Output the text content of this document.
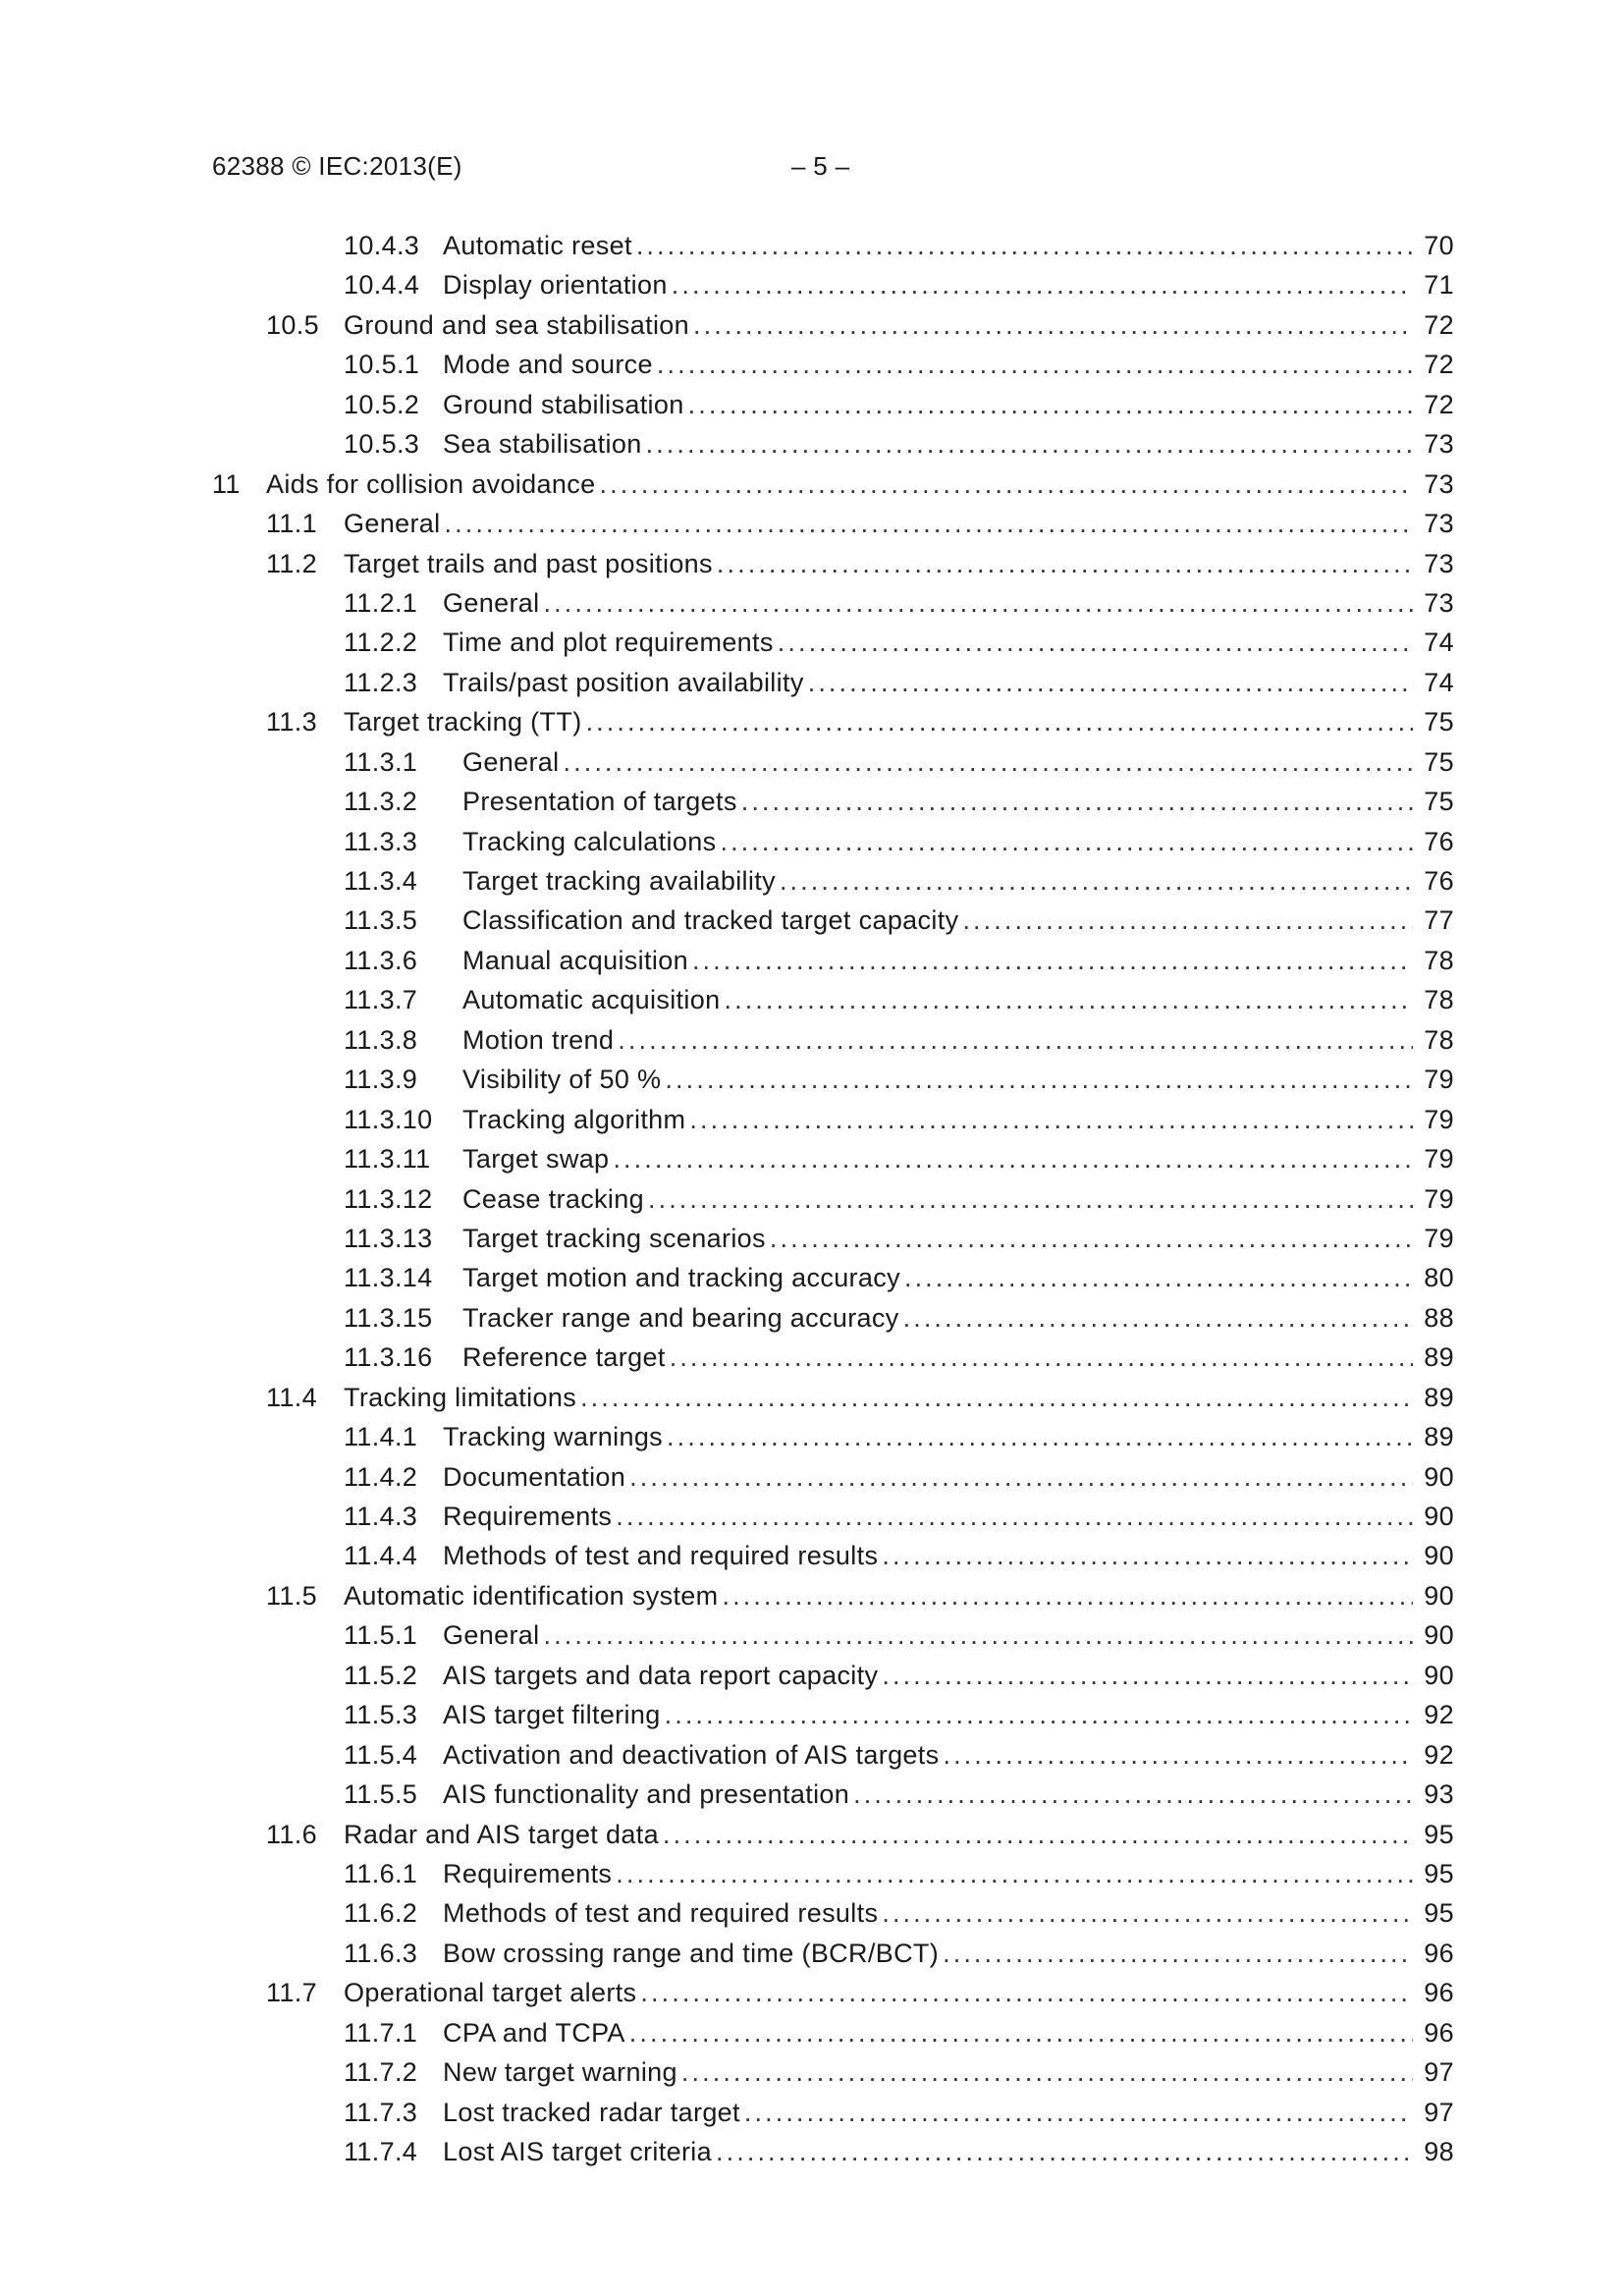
62388 © IEC:2013(E)	– 5 –
10.4.3 Automatic reset . . .	70
10.4.4 Display orientation . . .	71
10.5 Ground and sea stabilisation . . .	72
10.5.1 Mode and source . . .	72
10.5.2 Ground stabilisation . . .	72
10.5.3 Sea stabilisation . . .	73
11 Aids for collision avoidance . . .	73
11.1 General . . .	73
11.2 Target trails and past positions . . .	73
11.2.1 General . . .	73
11.2.2 Time and plot requirements . . .	74
11.2.3 Trails/past position availability . . .	74
11.3 Target tracking (TT) . . .	75
11.3.1 General . . .	75
11.3.2 Presentation of targets . . .	75
11.3.3 Tracking calculations . . .	76
11.3.4 Target tracking availability . . .	76
11.3.5 Classification and tracked target capacity . . .	77
11.3.6 Manual acquisition . . .	78
11.3.7 Automatic acquisition . . .	78
11.3.8 Motion trend . . .	78
11.3.9 Visibility of 50 % . . .	79
11.3.10 Tracking algorithm . . .	79
11.3.11 Target swap . . .	79
11.3.12 Cease tracking . . .	79
11.3.13 Target tracking scenarios . . .	79
11.3.14 Target motion and tracking accuracy . . .	80
11.3.15 Tracker range and bearing accuracy . . .	88
11.3.16 Reference target . . .	89
11.4 Tracking limitations . . .	89
11.4.1 Tracking warnings . . .	89
11.4.2 Documentation . . .	90
11.4.3 Requirements . . .	90
11.4.4 Methods of test and required results . . .	90
11.5 Automatic identification system . . .	90
11.5.1 General . . .	90
11.5.2 AIS targets and data report capacity . . .	90
11.5.3 AIS target filtering . . .	92
11.5.4 Activation and deactivation of AIS targets . . .	92
11.5.5 AIS functionality and presentation . . .	93
11.6 Radar and AIS target data . . .	95
11.6.1 Requirements . . .	95
11.6.2 Methods of test and required results . . .	95
11.6.3 Bow crossing range and time (BCR/BCT) . . .	96
11.7 Operational target alerts . . .	96
11.7.1 CPA and TCPA . . .	96
11.7.2 New target warning . . .	97
11.7.3 Lost tracked radar target . . .	97
11.7.4 Lost AIS target criteria . . .	98
